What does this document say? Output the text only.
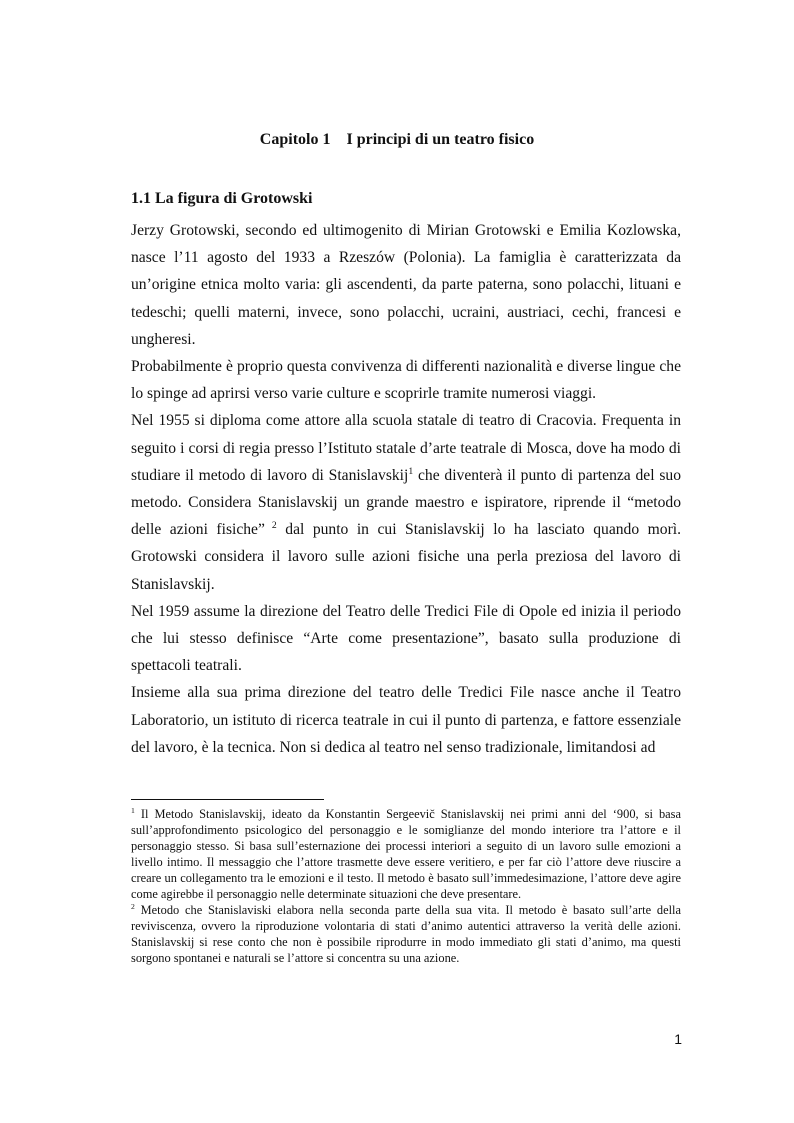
Capitolo 1    I principi di un teatro fisico
1.1 La figura di Grotowski

Jerzy Grotowski, secondo ed ultimogenito di Mirian Grotowski e Emilia Kozlowska, nasce l’11 agosto del 1933 a Rzeszów (Polonia). La famiglia è caratterizzata da un’origine etnica molto varia: gli ascendenti, da parte paterna, sono polacchi, lituani e tedeschi; quelli materni, invece, sono polacchi, ucraini, austriaci, cechi, francesi e ungheresi.

Probabilmente è proprio questa convivenza di differenti nazionalità e diverse lingue che lo spinge ad aprirsi verso varie culture e scoprirle tramite numerosi viaggi.

Nel 1955 si diploma come attore alla scuola statale di teatro di Cracovia. Frequenta in seguito i corsi di regia presso l’Istituto statale d’arte teatrale di Mosca, dove ha modo di studiare il metodo di lavoro di Stanislavskij$^1$ che diventerà il punto di partenza del suo metodo. Considera Stanislavskij un grande maestro e ispiratore, riprende il “metodo delle azioni fisiche” $^2$ dal punto in cui Stanislavskij lo ha lasciato quando morì. Grotowski considera il lavoro sulle azioni fisiche una perla preziosa del lavoro di Stanislavskij.

Nel 1959 assume la direzione del Teatro delle Tredici File di Opole ed inizia il periodo che lui stesso definisce “Arte come presentazione”, basato sulla produzione di spettacoli teatrali.

Insieme alla sua prima direzione del teatro delle Tredici File nasce anche il Teatro Laboratorio, un istituto di ricerca teatrale in cui il punto di partenza, e fattore essenziale del lavoro, è la tecnica. Non si dedica al teatro nel senso tradizionale, limitandosi ad

$^1$ Il Metodo Stanislavskij, ideato da Konstantin Sergeevič Stanislavskij nei primi anni del ‘900, si basa sull’approfondimento psicologico del personaggio e le somiglianze del mondo interiore tra l’attore e il personaggio stesso. Si basa sull’esternazione dei processi interiori a seguito di un lavoro sulle emozioni a livello intimo. Il messaggio che l’attore trasmette deve essere veritiero, e per far ciò l’attore deve riuscire a creare un collegamento tra le emozioni e il testo. Il metodo è basato sull’immedesimazione, l’attore deve agire come agirebbe il personaggio nelle determinate situazioni che deve presentare.

$^2$ Metodo che Stanislaviski elabora nella seconda parte della sua vita. Il metodo è basato sull’arte della reviviscenza, ovvero la riproduzione volontaria di stati d’animo autentici attraverso la verità delle azioni. Stanislavskij si rese conto che non è possibile riprodurre in modo immediato gli stati d’animo, ma questi sorgono spontanei e naturali se l’attore si concentra su una azione.

1
